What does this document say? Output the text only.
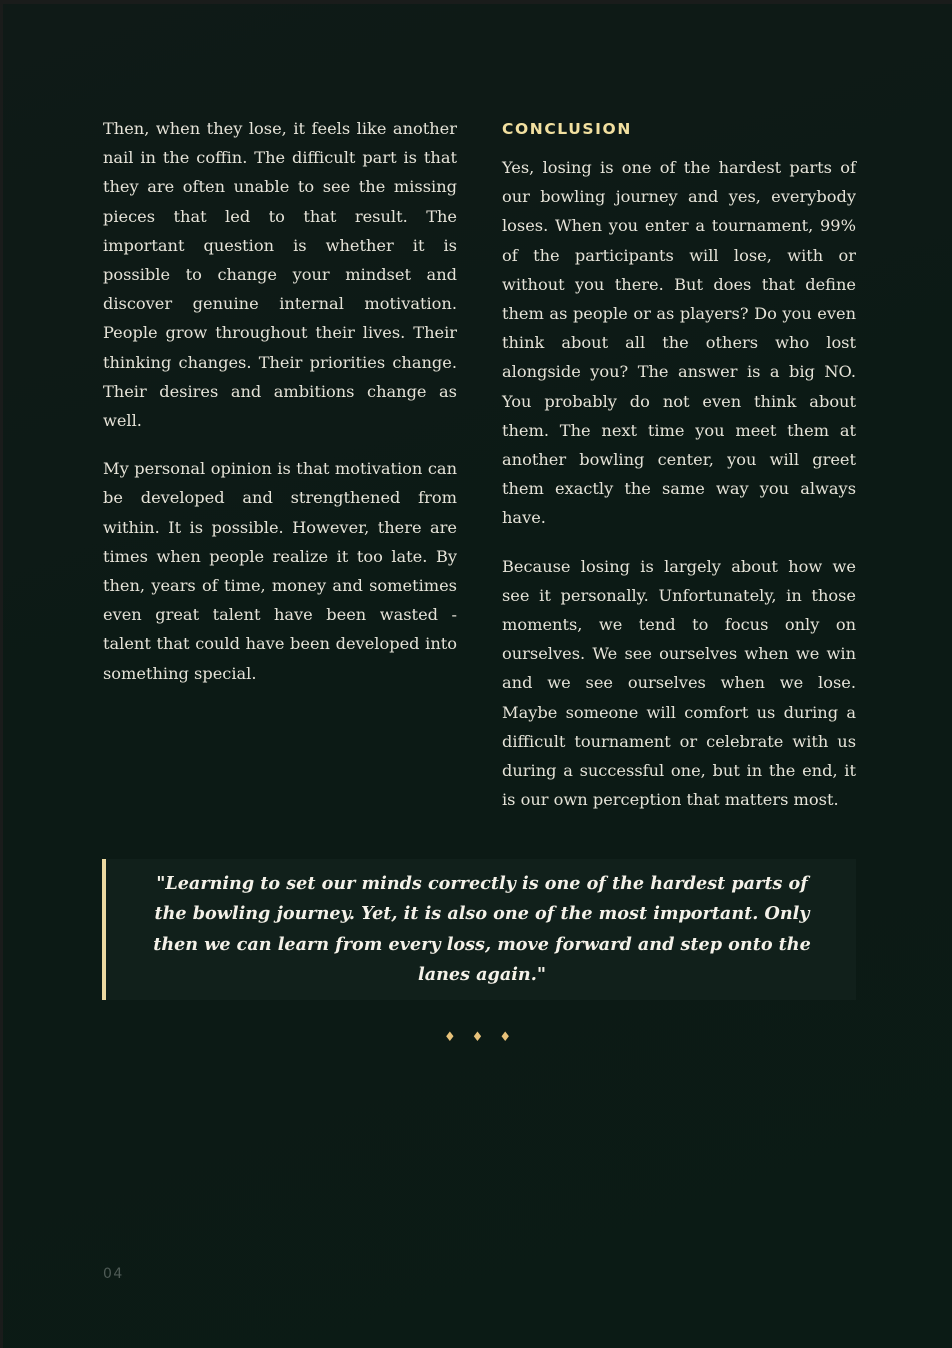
Then, when they lose, it feels like another nail in the coffin. The difficult part is that they are often unable to see the missing pieces that led to that result. The important question is whether it is possible to change your mindset and discover genuine internal motivation. People grow throughout their lives. Their thinking changes. Their priorities change. Their desires and ambitions change as well.

My personal opinion is that motivation can be developed and strengthened from within. It is possible. However, there are times when people realize it too late. By then, years of time, money and sometimes even great talent have been wasted - talent that could have been developed into something special.

CONCLUSION

Yes, losing is one of the hardest parts of our bowling journey and yes, everybody loses. When you enter a tournament, 99% of the participants will lose, with or without you there. But does that define them as people or as players? Do you even think about all the others who lost alongside you? The answer is a big NO. You probably do not even think about them. The next time you meet them at another bowling center, you will greet them exactly the same way you always have.

Because losing is largely about how we see it personally. Unfortunately, in those moments, we tend to focus only on ourselves. We see ourselves when we win and we see ourselves when we lose. Maybe someone will comfort us during a difficult tournament or celebrate with us during a successful one, but in the end, it is our own perception that matters most.

"Learning to set our minds correctly is one of the hardest parts of the bowling journey. Yet, it is also one of the most important. Only then we can learn from every loss, move forward and step onto the lanes again."

♦ ♦ ♦
04
